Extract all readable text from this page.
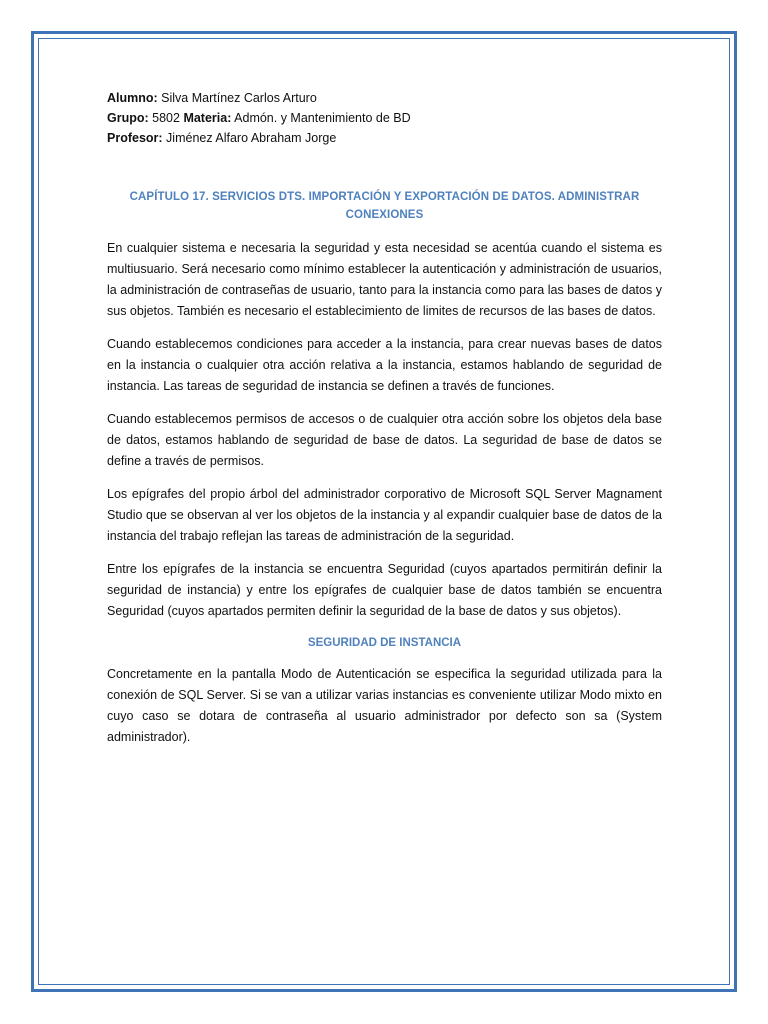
Alumno: Silva Martínez Carlos Arturo

Grupo: 5802 Materia: Admón. y Mantenimiento de BD

Profesor: Jiménez Alfaro Abraham Jorge

CAPÍTULO 17. SERVICIOS DTS. IMPORTACIÓN Y EXPORTACIÓN DE DATOS. ADMINISTRAR CONEXIONES

En cualquier sistema e necesaria la seguridad y esta necesidad se acentúa cuando el sistema es multiusuario. Será necesario como mínimo establecer la autenticación y administración de usuarios, la administración de contraseñas de usuario, tanto para la instancia como para las bases de datos y sus objetos. También es necesario el establecimiento de limites de recursos de las bases de datos.

Cuando establecemos condiciones para acceder a la instancia, para crear nuevas bases de datos en la instancia o cualquier otra acción relativa a la instancia, estamos hablando de seguridad de instancia. Las tareas de seguridad de instancia se definen a través de funciones.

Cuando establecemos permisos de accesos o de cualquier otra acción sobre los objetos dela base de datos, estamos hablando de seguridad de base de datos. La seguridad de base de datos se define a través de permisos.

Los epígrafes del propio árbol del administrador corporativo de Microsoft SQL Server Magnament Studio que se observan al ver los objetos de la instancia y al expandir cualquier base de datos de la instancia del trabajo reflejan las tareas de administración de la seguridad.

Entre los epígrafes de la instancia se encuentra Seguridad (cuyos apartados permitirán definir la seguridad de instancia) y entre los epígrafes de cualquier base de datos también se encuentra Seguridad (cuyos apartados permiten definir la seguridad de la base de datos y sus objetos).

SEGURIDAD DE INSTANCIA

Concretamente en la pantalla Modo de Autenticación se especifica la seguridad utilizada para la conexión de SQL Server. Si se van a utilizar varias instancias es conveniente utilizar Modo mixto en cuyo caso se dotara de contraseña al usuario administrador por defecto son sa (System administrador).
